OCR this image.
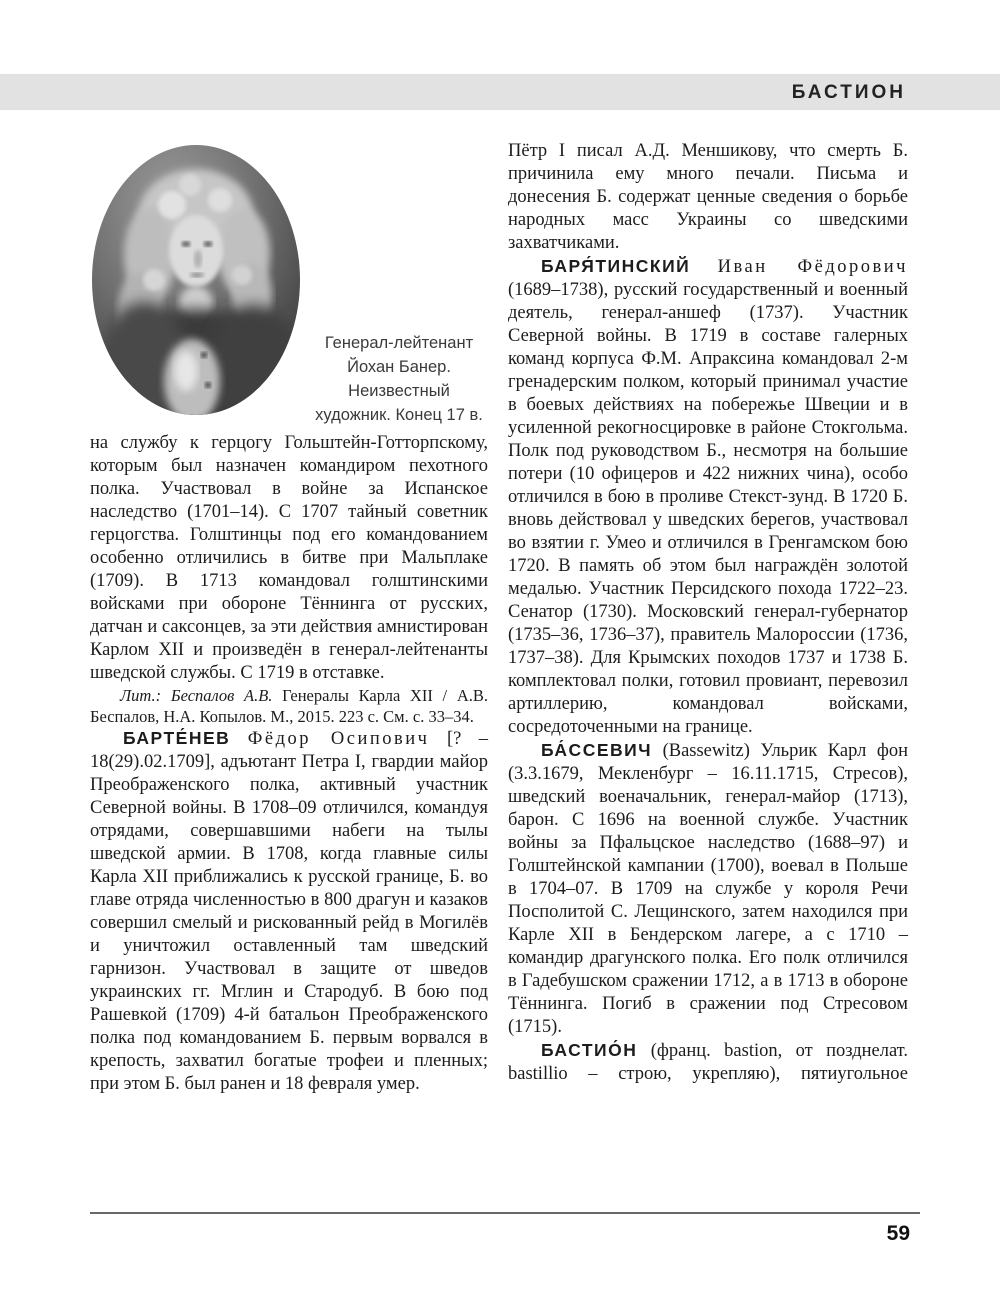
БАСТИОН
Генерал-лейтенант
Йохан Банер.
Неизвестный
художник. Конец 17 в.

на службу к герцогу Гольштейн-Готторпскому, которым был назначен командиром пехотного полка. Участвовал в войне за Испанское наследство (1701–14). С 1707 тайный советник герцогства. Голштинцы под его командованием особенно отличились в битве при Мальплаке (1709). В 1713 командовал голштинскими войсками при обороне Тённинга от русских, датчан и саксонцев, за эти действия амнистирован Карлом XII и произведён в генерал-лейтенанты шведской службы. С 1719 в отставке.

Лит.: Беспалов А.В. Генералы Карла XII / А.В. Беспалов, Н.А. Копылов. М., 2015. 223 с. См. с. 33–34.

БАРТЕ́НЕВ Фёдор Осипович [? – 18(29).02.1709], адъютант Петра I, гвардии майор Преображенского полка, активный участник Северной войны. В 1708–09 отличился, командуя отрядами, совершавшими набеги на тылы шведской армии. В 1708, когда главные силы Карла XII приближались к русской границе, Б. во главе отряда численностью в 800 драгун и казаков совершил смелый и рискованный рейд в Могилёв и уничтожил оставленный там шведский гарнизон. Участвовал в защите от шведов украинских гг. Мглин и Стародуб. В бою под Рашевкой (1709) 4-й батальон Преображенского полка под командованием Б. первым ворвался в крепость, захватил богатые трофеи и пленных; при этом Б. был ранен и 18 февраля умер.

Пётр I писал А.Д. Меншикову, что смерть Б. причинила ему много печали. Письма и донесения Б. содержат ценные сведения о борьбе народных масс Украины со шведскими захватчиками.

БАРЯ́ТИНСКИЙ Иван Фёдорович (1689–1738), русский государственный и военный деятель, генерал-аншеф (1737). Участник Северной войны. В 1719 в составе галерных команд корпуса Ф.М. Апраксина командовал 2-м гренадерским полком, который принимал участие в боевых действиях на побережье Швеции и в усиленной рекогносцировке в районе Стокгольма. Полк под руководством Б., несмотря на большие потери (10 офицеров и 422 нижних чина), особо отличился в бою в проливе Стекст-зунд. В 1720 Б. вновь действовал у шведских берегов, участвовал во взятии г. Умео и отличился в Гренгамском бою 1720. В память об этом был награждён золотой медалью. Участник Персидского похода 1722–23. Сенатор (1730). Московский генерал-губернатор (1735–36, 1736–37), правитель Малороссии (1736, 1737–38). Для Крымских походов 1737 и 1738 Б. комплектовал полки, готовил провиант, перевозил артиллерию, командовал войсками, сосредоточенными на границе.

БА́ССЕВИЧ (Bassewitz) Ульрик Карл фон (3.3.1679, Мекленбург – 16.11.1715, Стресов), шведский военачальник, генерал-майор (1713), барон. С 1696 на военной службе. Участник войны за Пфальцское наследство (1688–97) и Голштейнской кампании (1700), воевал в Польше в 1704–07. В 1709 на службе у короля Речи Посполитой С. Лещинского, затем находился при Карле XII в Бендерском лагере, а с 1710 – командир драгунского полка. Его полк отличился в Гадебушском сражении 1712, а в 1713 в обороне Тённинга. Погиб в сражении под Стресовом (1715).

БАСТИО́Н (франц. bastion, от позднелат. bastillio – строю, укрепляю), пятиугольное

59
